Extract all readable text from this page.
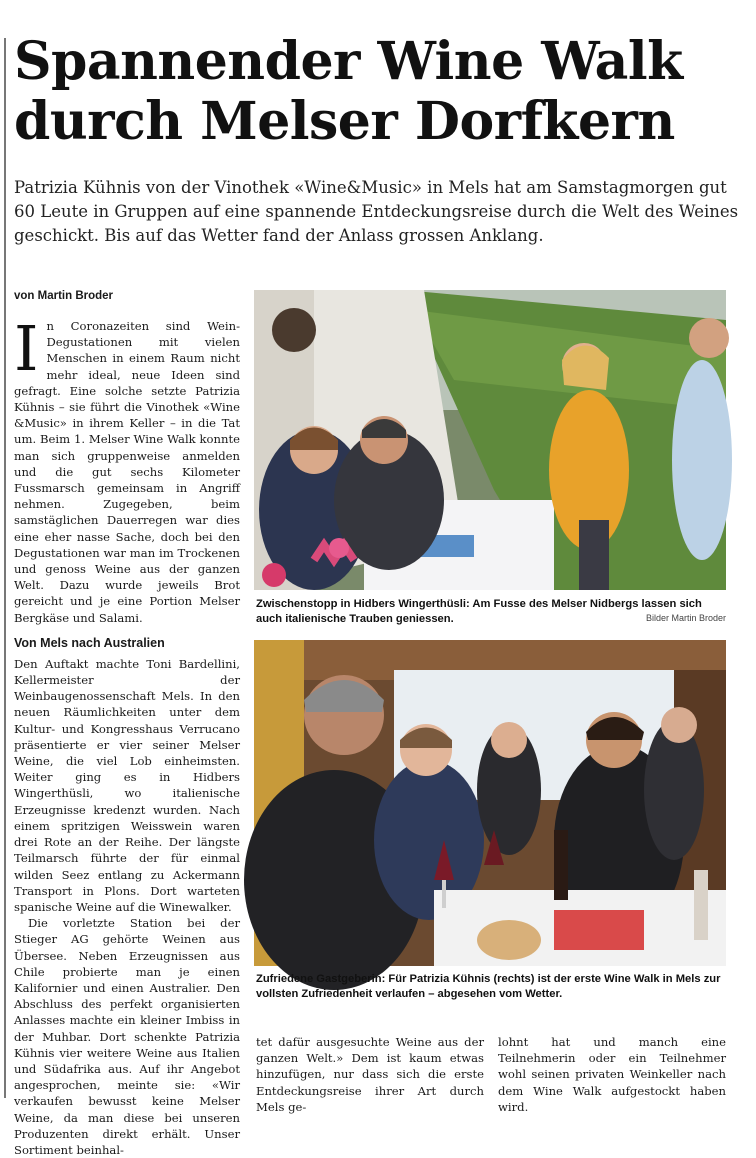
Spannender Wine Walk durch Melser Dorfkern

Patrizia Kühnis von der Vinothek «Wine&Music» in Mels hat am Samstagmorgen gut 60 Leute in Gruppen auf eine spannende Entdeckungsreise durch die Welt des Weines geschickt. Bis auf das Wetter fand der Anlass grossen Anklang.

von Martin Broder

In Coronazeiten sind Wein-Degustationen mit vielen Menschen in einem Raum nicht mehr ideal, neue Ideen sind gefragt. Eine solche setzte Patrizia Kühnis – sie führt die Vinothek «Wine &Music» in ihrem Keller – in die Tat um. Beim 1. Melser Wine Walk konnte man sich gruppenweise anmelden und die gut sechs Kilometer Fussmarsch gemeinsam in Angriff nehmen. Zugegeben, beim samstäglichen Dauerregen war dies eine eher nasse Sache, doch bei den Degustationen war man im Trockenen und genoss Weine aus der ganzen Welt. Dazu wurde jeweils Brot gereicht und je eine Portion Melser Bergkäse und Salami.

Von Mels nach Australien

Den Auftakt machte Toni Bardellini, Kellermeister der Weinbaugenossenschaft Mels. In den neuen Räumlichkeiten unter dem Kultur- und Kongresshaus Verrucano präsentierte er vier seiner Melser Weine, die viel Lob einheimsten. Weiter ging es in Hidbers Wingerthüsli, wo italienische Erzeugnisse kredenzt wurden. Nach einem spritzigen Weisswein waren drei Rote an der Reihe. Der längste Teilmarsch führte der für einmal wilden Seez entlang zu Ackermann Transport in Plons. Dort warteten spanische Weine auf die Winewalker.

Die vorletzte Station bei der Stieger AG gehörte Weinen aus Übersee. Neben Erzeugnissen aus Chile probierte man je einen Kalifornier und einen Australier. Den Abschluss des perfekt organisierten Anlasses machte ein kleiner Imbiss in der Muhbar. Dort schenkte Patrizia Kühnis vier weitere Weine aus Italien und Südafrika aus. Auf ihr Angebot angesprochen, meinte sie: «Wir verkaufen bewusst keine Melser Weine, da man diese bei unseren Produzenten direkt erhält. Unser Sortiment beinhal-

Zwischenstopp in Hidbers Wingerthüsli: Am Fusse des Melser Nidbergs lassen sich auch italienische Trauben geniessen.	Bilder Martin Broder
Zufriedene Gastgeberin: Für Patrizia Kühnis (rechts) ist der erste Wine Walk in Mels zur vollsten Zufriedenheit verlaufen – abgesehen vom Wetter.

tet dafür ausgesuchte Weine aus der ganzen Welt.» Dem ist kaum etwas hinzufügen, nur dass sich die erste Entdeckungsreise ihrer Art durch Mels ge-

lohnt hat und manch eine Teilnehmerin oder ein Teilnehmer wohl seinen privaten Weinkeller nach dem Wine Walk aufgestockt haben wird.
